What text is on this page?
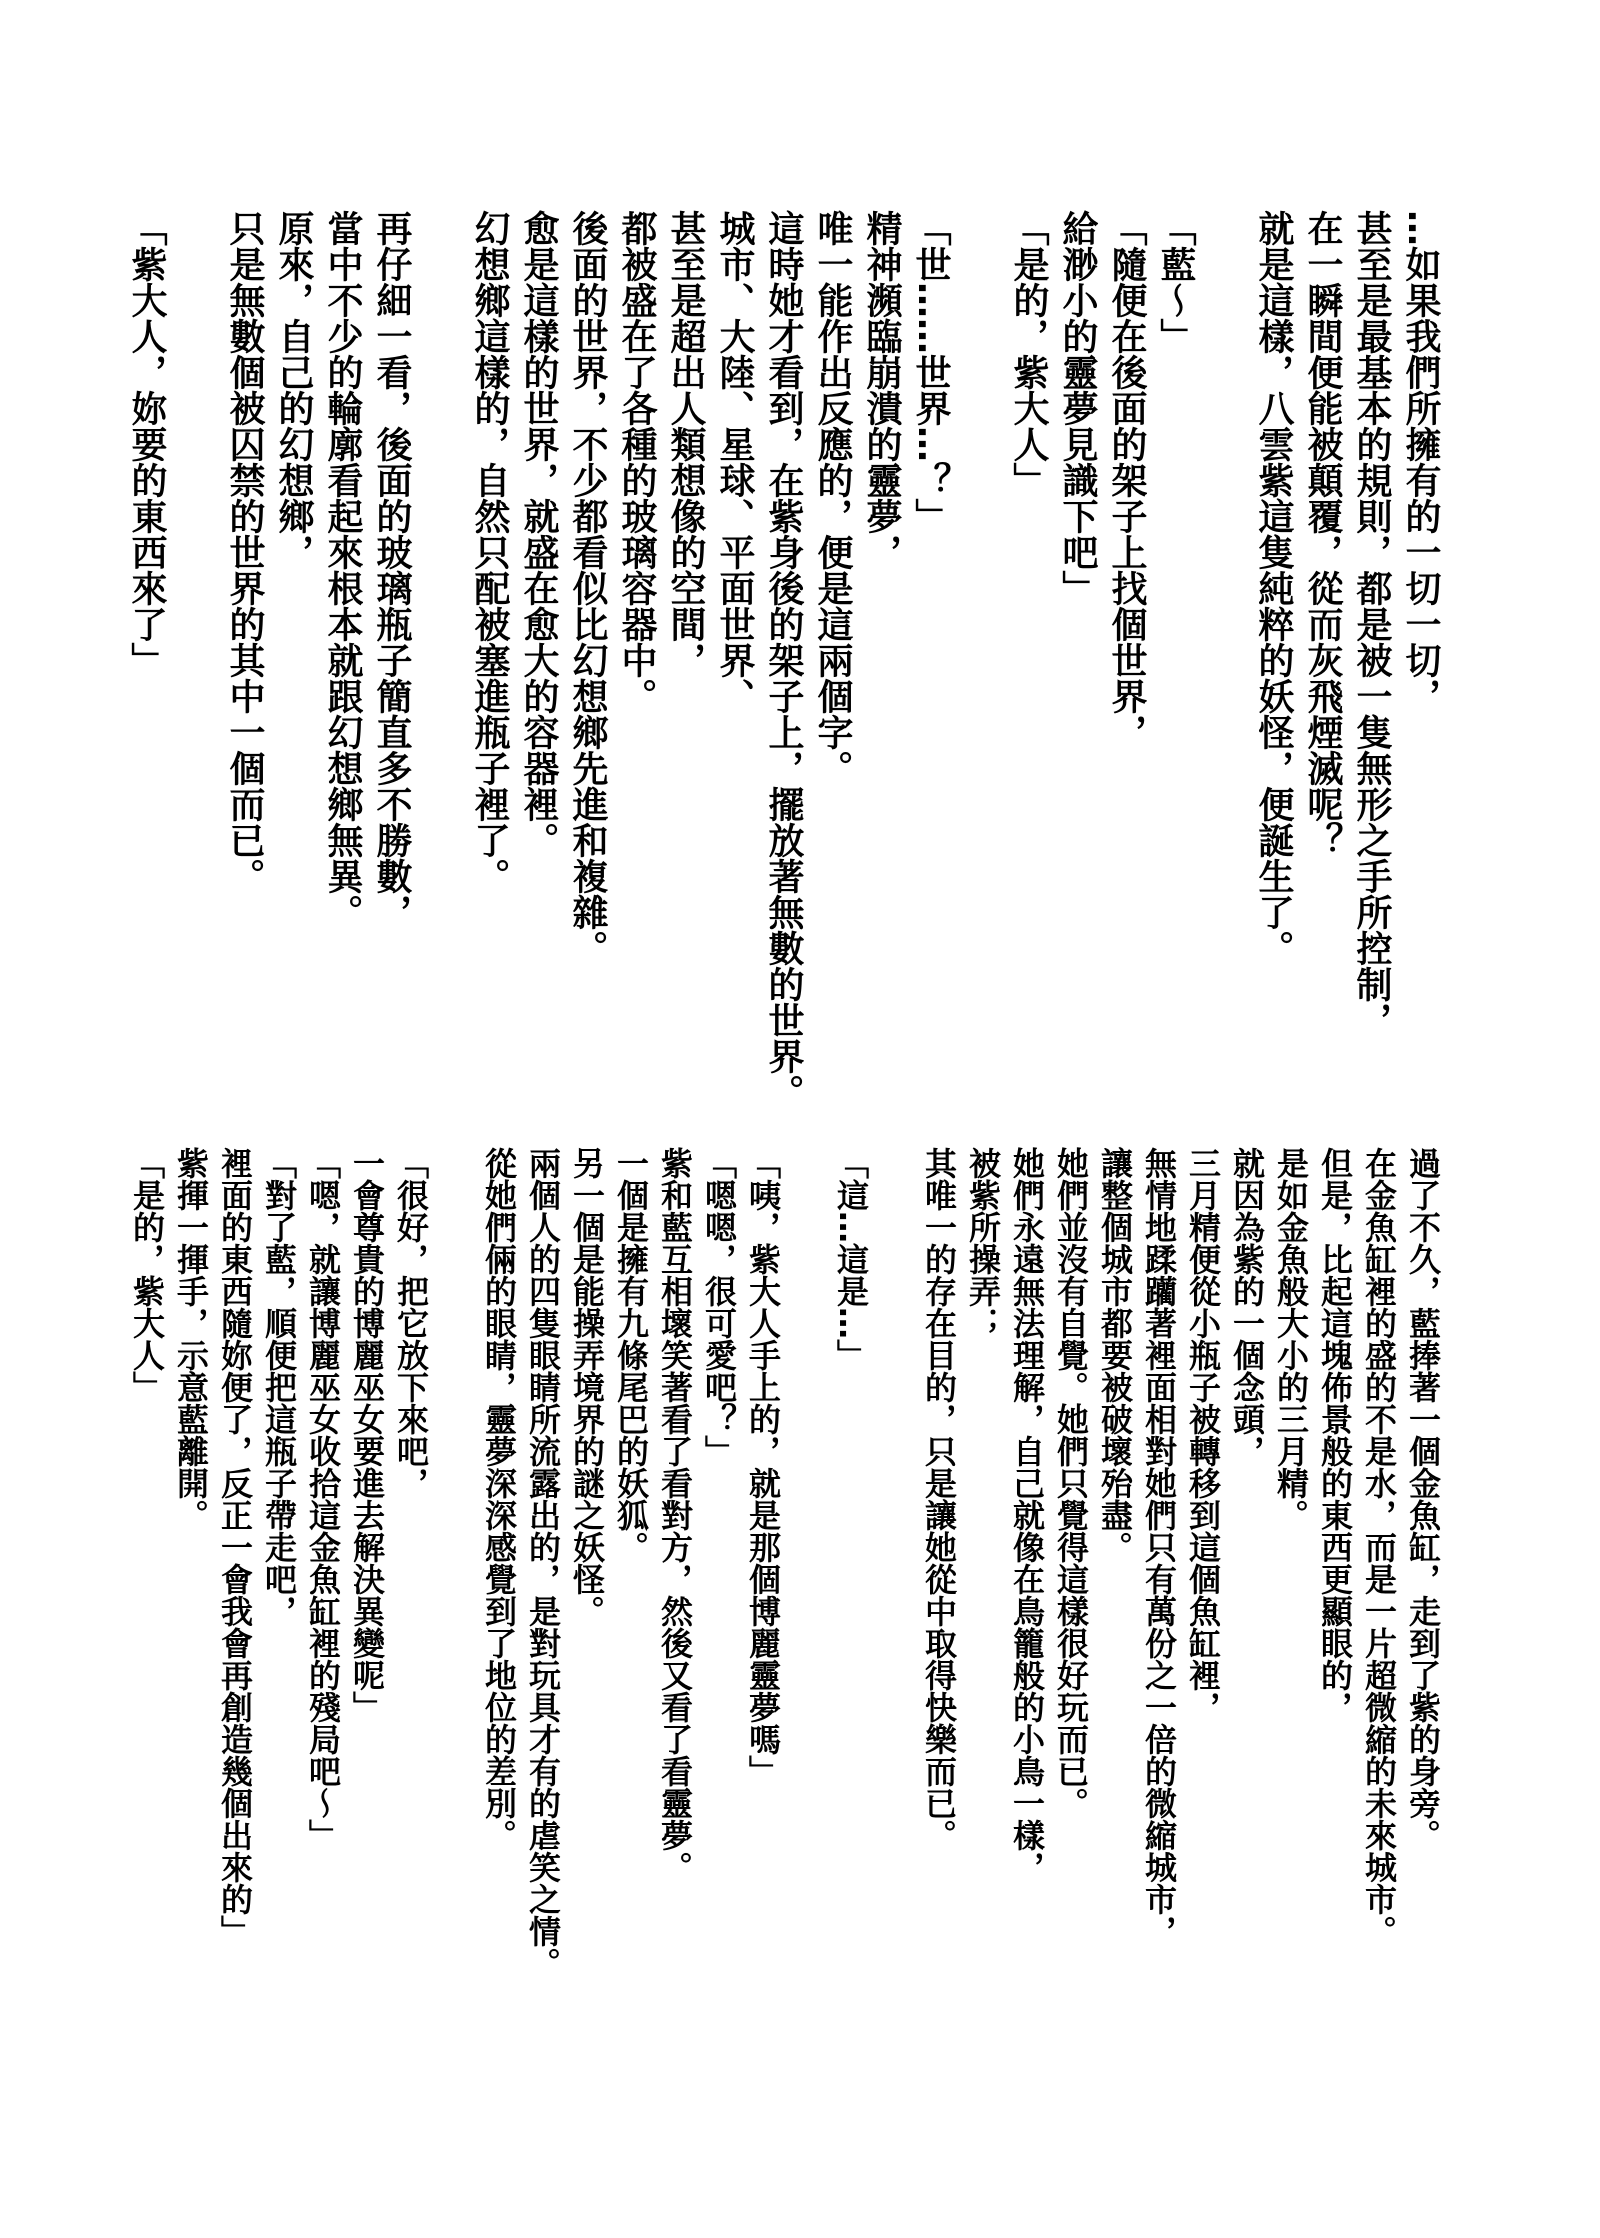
…如果我們所擁有的一切一切，

甚至是最基本的規則，都是被一隻無形之手所控制，

在一瞬間便能被顛覆，從而灰飛煙滅呢？

就是這樣，八雲紫這隻純粹的妖怪，便誕生了。

「藍～」

「隨便在後面的架子上找個世界，

給渺小的靈夢見識下吧」

「是的，紫大人」

「世……世界…？」

精神瀕臨崩潰的靈夢，

唯一能作出反應的，便是這兩個字。

這時她才看到，在紫身後的架子上，擺放著無數的世界。

城市、大陸、星球、平面世界、

甚至是超出人類想像的空間，

都被盛在了各種的玻璃容器中。

後面的世界，不少都看似比幻想鄉先進和複雜。

愈是這樣的世界，就盛在愈大的容器裡。

幻想鄉這樣的，自然只配被塞進瓶子裡了。

再仔細一看，後面的玻璃瓶子簡直多不勝數，

當中不少的輪廓看起來根本就跟幻想鄉無異。

原來，自己的幻想鄉，

只是無數個被囚禁的世界的其中一個而已。

「紫大人，妳要的東西來了」

過了不久，藍捧著一個金魚缸，走到了紫的身旁。

在金魚缸裡的盛的不是水，而是一片超微縮的未來城市。

但是，比起這塊佈景般的東西更顯眼的，

是如金魚般大小的三月精。

就因為紫的一個念頭，

三月精便從小瓶子被轉移到這個魚缸裡，

無情地蹂躪著裡面相對她們只有萬份之一倍的微縮城市，

讓整個城市都要被破壞殆盡。

她們並沒有自覺。她們只覺得這樣很好玩而已。

她們永遠無法理解，自己就像在鳥籠般的小鳥一樣，

被紫所操弄；

其唯一的存在目的，只是讓她從中取得快樂而已。

「這…這是…」

「咦，紫大人手上的，就是那個博麗靈夢嗎」

「嗯嗯，很可愛吧？」

紫和藍互相壞笑著看了看對方，然後又看了看靈夢。

一個是擁有九條尾巴的妖狐。

另一個是能操弄境界的謎之妖怪。

兩個人的四隻眼睛所流露出的，是對玩具才有的虐笑之情。

從她們倆的眼睛，靈夢深深感覺到了地位的差別。

「很好，把它放下來吧，

一會尊貴的博麗巫女要進去解決異變呢」

「嗯，就讓博麗巫女收拾這金魚缸裡的殘局吧～」

「對了藍，順便把這瓶子帶走吧，

裡面的東西隨妳便了，反正一會我會再創造幾個出來的」

紫揮一揮手，示意藍離開。

「是的，紫大人」
